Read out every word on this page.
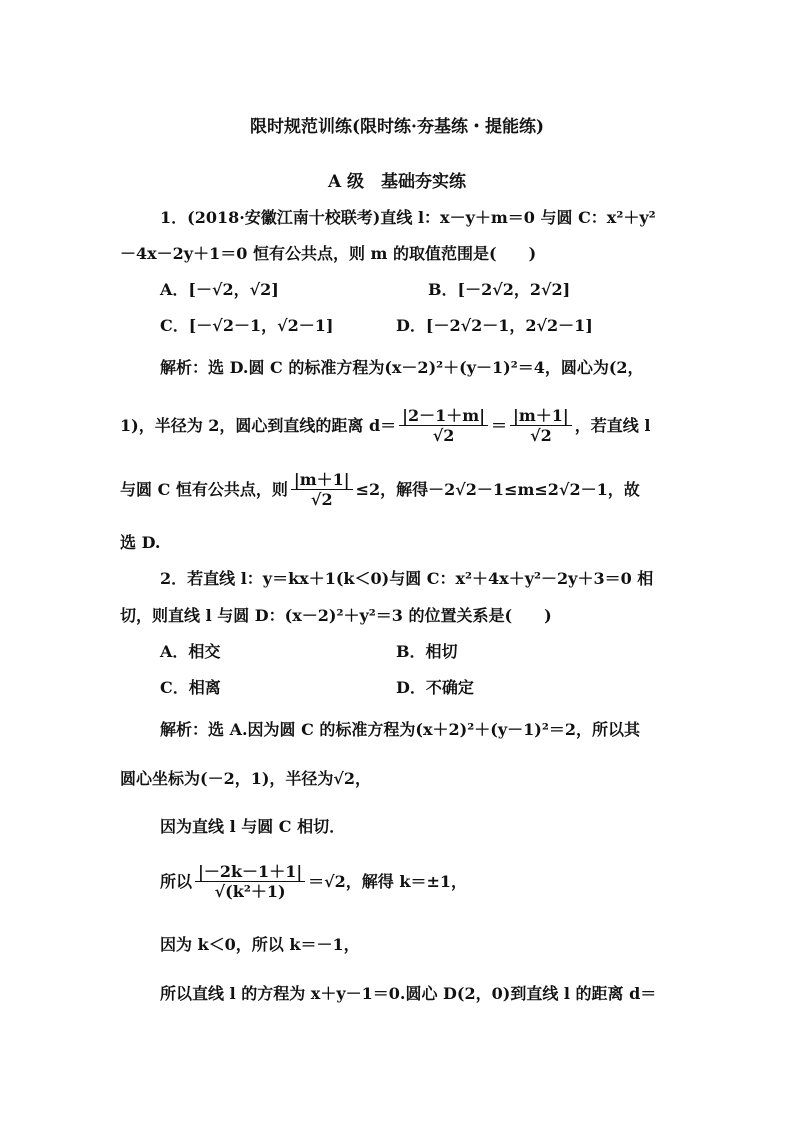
限时规范训练(限时练·夯基练・提能练)
A 级　基础夯实练
1．(2018·安徽江南十校联考)直线 l：x－y＋m＝0 与圆 C：x²＋y²
－4x－2y＋1＝0 恒有公共点，则 m 的取值范围是(　　)
A．[－√2，√2]	B．[－2√2，2√2]
C．[－√2－1，√2－1]	D．[－2√2－1，2√2－1]
解析：选 D.圆 C 的标准方程为(x－2)²＋(y－1)²＝4，圆心为(2，
1)，半径为 2，圆心到直线的距离 $d= \frac{|2-1+m|}{√2} = \frac{|m+1|}{√2}$ ，若直线 l
与圆 C 恒有公共点，则 $\frac{|m+1|}{√2} \le 2$，解得－2√2－1≤m≤2√2－1，故
选 D.
2．若直线 l：y＝kx＋1(k＜0)与圆 C：x²＋4x＋y²－2y＋3＝0 相
切，则直线 l 与圆 D：(x－2)²＋y²＝3 的位置关系是(　　)
A．相交	B．相切
C．相离	D．不确定
解析：选 A.因为圆 C 的标准方程为(x＋2)²＋(y－1)²＝2，所以其
圆心坐标为(－2，1)，半径为√2，
因为直线 l 与圆 C 相切．
所以 $\frac{|-2k-1+1|}{\text{√(k²＋1)}} =√2$，解得 k＝±1，
因为 k＜0，所以 k＝－1，
所以直线 l 的方程为 x＋y－1＝0.圆心 D(2，0)到直线 l 的距离 d＝
